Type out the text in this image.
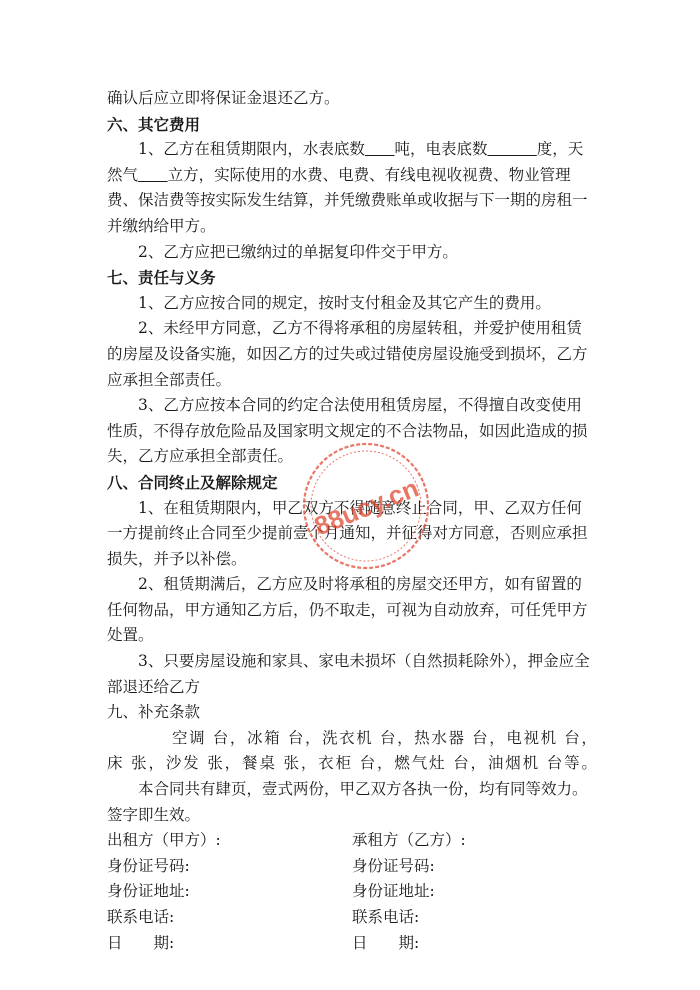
确认后应立即将保证金退还乙方。

六、其它费用

1、乙方在租赁期限内，水表底数 吨，电表底数	度，天然气 立方，实际使用的水费、电费、有线电视收视费、物业管理费、保洁费等按实际发生结算，并凭缴费账单或收据与下一期的房租一并缴纳给甲方。

2、乙方应把已缴纳过的单据复印件交于甲方。

七、责任与义务

1、乙方应按合同的规定，按时支付租金及其它产生的费用。

2、未经甲方同意，乙方不得将承租的房屋转租，并爱护使用租赁的房屋及设备实施，如因乙方的过失或过错使房屋设施受到损坏，乙方应承担全部责任。

3、乙方应按本合同的约定合法使用租赁房屋，不得擅自改变使用性质，不得存放危险品及国家明文规定的不合法物品，如因此造成的损失，乙方应承担全部责任。

八、合同终止及解除规定

1、在租赁期限内，甲乙双方不得随意终止合同，甲、乙双方任何一方提前终止合同至少提前壹个月通知，并征得对方同意，否则应承担损失，并予以补偿。

2、租赁期满后，乙方应及时将承租的房屋交还甲方，如有留置的任何物品，甲方通知乙方后，仍不取走，可视为自动放弃，可任凭甲方处置。

3、只要房屋设施和家具、家电未损坏（自然损耗除外），押金应全部退还给乙方

九、补充条款

空调 台，冰箱 台，洗衣机 台，热水器 台，电视机 台，

床 张，沙发 张，餐桌 张，衣柜 台，燃气灶 台，油烟机 台等。

本合同共有肆页，壹式两份，甲乙双方各执一份，均有同等效力。签字即生效。

出租方（甲方）:	承租方（乙方）:
身份证号码:	身份证号码:
身份证地址:	身份证地址:
联系电话:	联系电话:
日　　期:	日　　期:
88ucy.cn
